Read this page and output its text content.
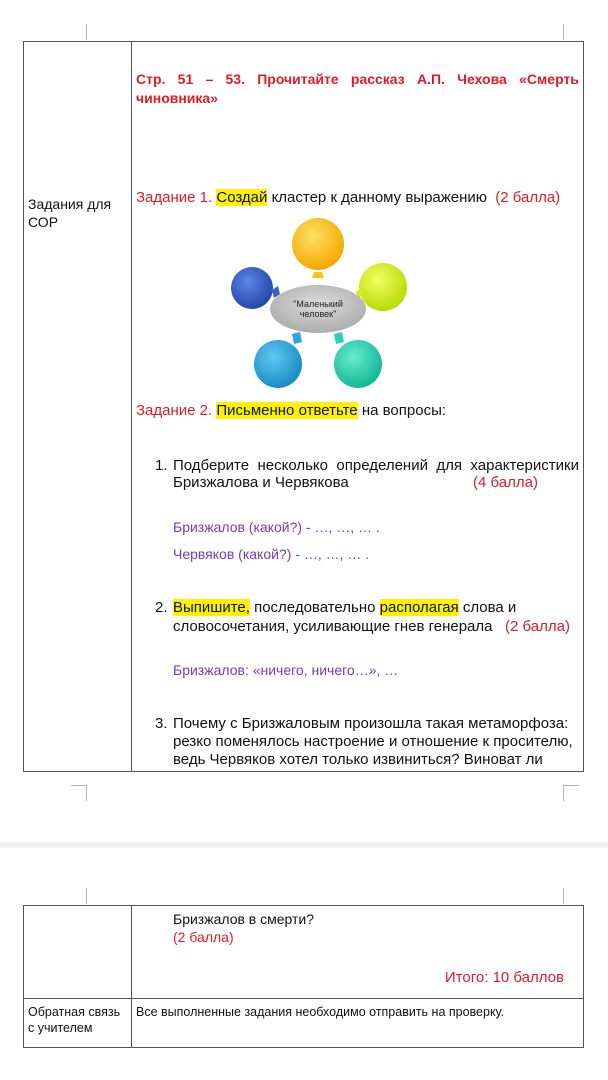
Задания для СОР
Стр. 51 – 53. Прочитайте рассказ А.П. Чехова «Смерть
чиновника»
Задание 1. Создай кластер к данному выражению (2 балла)
"Маленький человек"
Задание 2. Письменно ответьте на вопросы:
1. Подберите несколько определений для характеристики
Бризжалова и Червякова	(4 балла)
Бризжалов (какой?) - …, …, … .
Червяков (какой?) - …, …, … .
2. Выпишите, последовательно располагая слова и
словосочетания, усиливающие гнев генерала (2 балла)
Бризжалов: «ничего, ничего…», …
3. Почему с Бризжаловым произошла такая метаморфоза:
резко поменялось настроение и отношение к просителю,
ведь Червяков хотел только извиниться? Виноват ли
Бризжалов в смерти?
(2 балла)
Итого: 10 баллов
Обратная связь с учителем
Все выполненные задания необходимо отправить на проверку.
